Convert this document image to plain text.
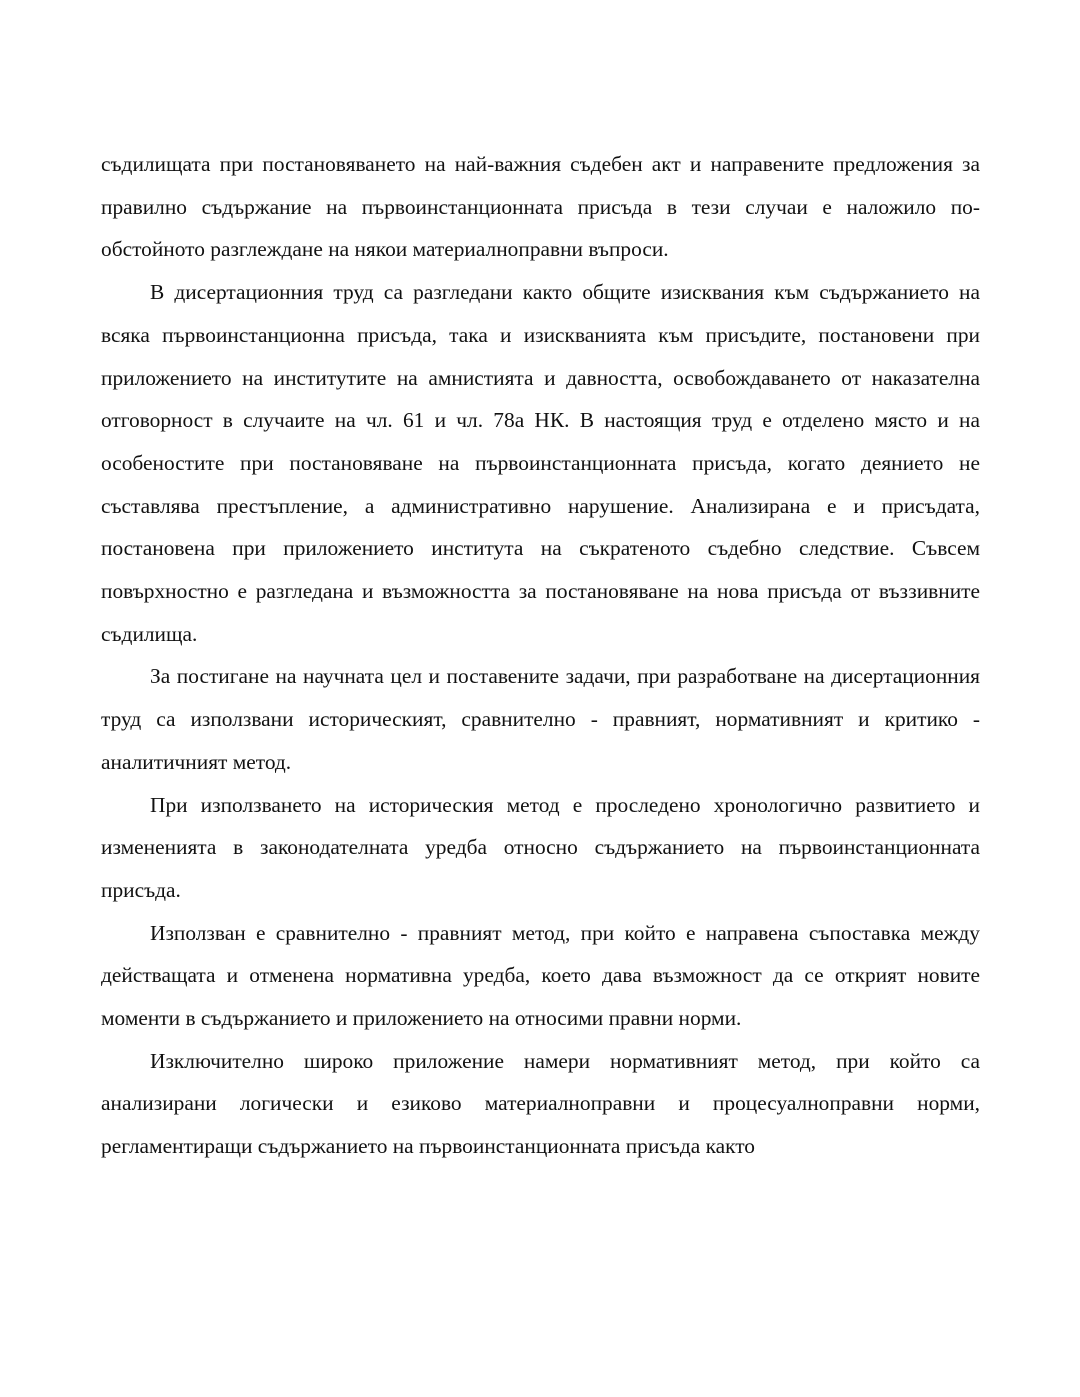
съдилищата при постановяването на най-важния съдебен акт и направените предложения за правилно съдържание на първоинстанционната присъда в тези случаи е наложило по-обстойното разглеждане на някои материалноправни въпроси.

В дисертационния труд са разгледани както общите изисквания към съдържанието на всяка първоинстанционна присъда, така и изискванията към присъдите, постановени при приложението на институтите на амнистията и давността, освобождаването от наказателна отговорност в случаите на чл. 61 и чл. 78а НК. В настоящия труд е отделено място и на особеностите при постановяване на първоинстанционната присъда, когато деянието не съставлява престъпление, а административно нарушение. Анализирана е и присъдата, постановена при приложението института на съкратеното съдебно следствие. Съвсем повърхностно е разгледана и възможността за постановяване на нова присъда от въззивните съдилища.

За постигане на научната цел и поставените задачи, при разработване на дисертационния труд са използвани историческият, сравнително - правният, нормативният и критико - аналитичният метод.

При използването на историческия метод е проследено хронологично развитието и измененията в законодателната уредба относно съдържанието на първоинстанционната присъда.

Използван е сравнително - правният метод, при който е направена съпоставка между действащата и отменена нормативна уредба, което дава възможност да се открият новите моменти в съдържанието и приложението на относими правни норми.

Изключително широко приложение намери нормативният метод, при който са анализирани логически и езиково материалноправни и процесуалноправни норми, регламентиращи съдържанието на първоинстанционната присъда както
